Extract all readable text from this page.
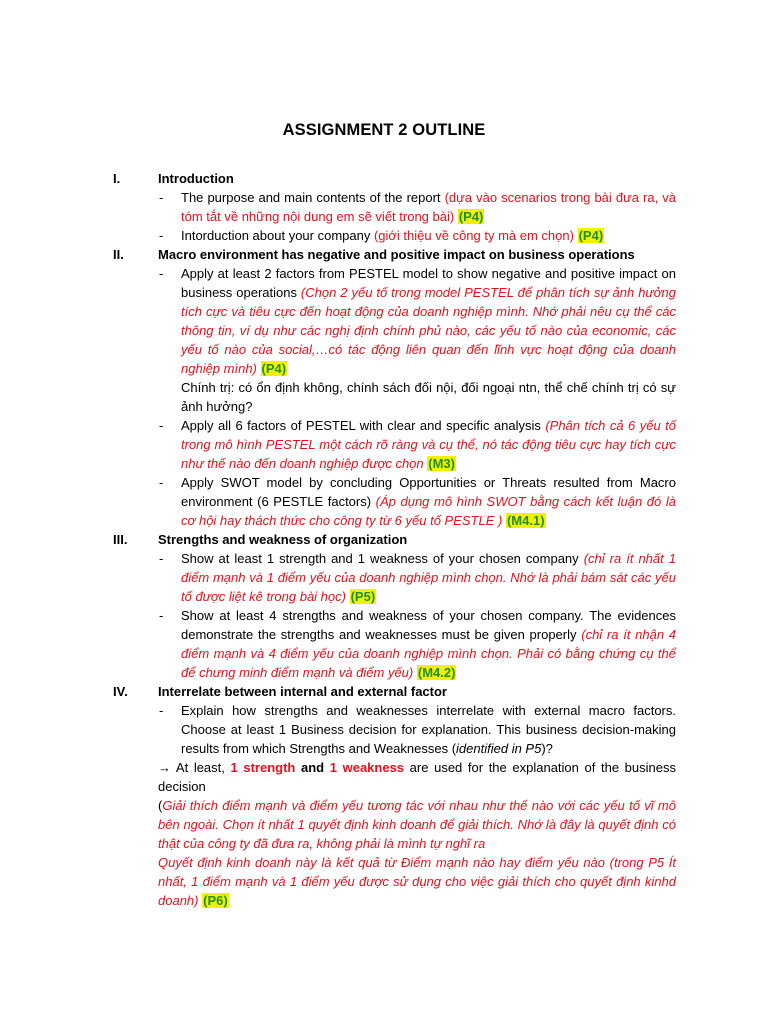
ASSIGNMENT 2 OUTLINE
I.	Introduction
- The purpose and main contents of the report (dựa vào scenarios trong bài đưa ra, và tóm tắt về những nội dung em sẽ viết trong bài) (P4)
- Intorduction about your company (giới thiệu về công ty mà em chọn) (P4)
II.	Macro environment has negative and positive impact on business operations
- Apply at least 2 factors from PESTEL model to show negative and positive impact on business operations (Chọn 2 yếu tố trong model PESTEL để phân tích sự ảnh hưởng tích cực và tiêu cực đến hoạt động của doanh nghiệp mình. Nhớ phải nêu cụ thể các thông tin, ví dụ như các nghị định chính phủ nào, các yếu tố nào của economic, các yếu tố nào của social,…có tác động liên quan đến lĩnh vực hoạt động của doanh nghiệp mình) (P4)
Chính trị: có ổn định không, chính sách đối nội, đối ngoại ntn, thể chế chính trị có sự ảnh hưởng?
- Apply all 6 factors of PESTEL with clear and specific analysis (Phân tích cả 6 yếu tố trong mô hình PESTEL một cách rõ ràng và cụ thể, nó tác động tiêu cực hay tích cực như thế nào đến doanh nghiệp được chọn (M3)
- Apply SWOT model by concluding Opportunities or Threats resulted from Macro environment (6 PESTLE factors) (Áp dụng mô hình SWOT bằng cách kết luận đó là cơ hội hay thách thức cho công ty từ 6 yếu tố PESTLE ) (M4.1)
III. Strengths and weakness of organization
- Show at least 1 strength and 1 weakness of your chosen company (chỉ ra ít nhất 1 điểm mạnh và 1 điểm yếu của doanh nghiệp mình chọn. Nhớ là phải bám sát các yếu tố được liệt kê trong bài học) (P5)
- Show at least 4 strengths and weakness of your chosen company. The evidences demonstrate the strengths and weaknesses must be given properly (chỉ ra ít nhận 4 điểm mạnh và 4 điểm yếu của doanh nghiệp mình chọn. Phải có bằng chứng cụ thể để chưng minh điểm mạnh và điểm yếu) (M4.2)
IV. Interrelate between internal and external factor
- Explain how strengths and weaknesses interrelate with external macro factors. Choose at least 1 Business decision for explanation. This business decision-making results from which Strengths and Weaknesses (identified in P5)?
→ At least, 1 strength and 1 weakness are used for the explanation of the business decision
(Giải thích điểm mạnh và điểm yếu tương tác với nhau như thế nào với các yếu tố vĩ mô bên ngoài. Chọn ít nhất 1 quyết định kinh doanh để giải thích. Nhớ là đây là quyết định có thật của công ty đã đưa ra, không phải là mình tự nghĩ ra
Quyết định kinh doanh này là kết quả từ Điểm mạnh nào hay điểm yếu nào (trong P5 Ít nhất, 1 điểm mạnh và 1 điểm yếu được sử dụng cho việc giải thích cho quyết định kinhd doanh) (P6)
